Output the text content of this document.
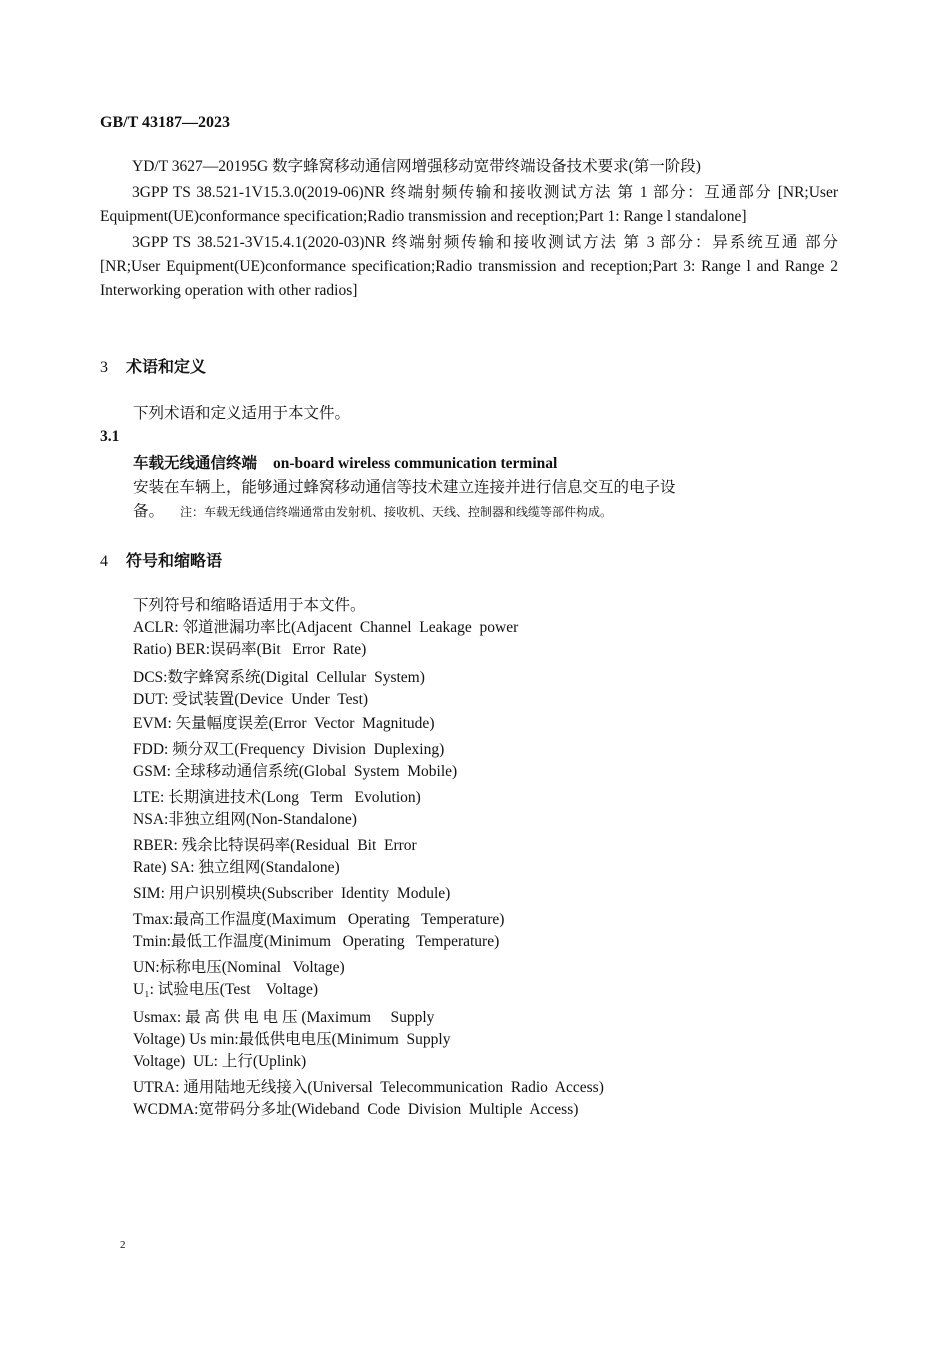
GB/T 43187—2023

YD/T 3627—20195G 数字蜂窝移动通信网增强移动宽带终端设备技术要求(第一阶段)

3GPP TS 38.521-1V15.3.0(2019-06)NR 终端射频传输和接收测试方法 第 1 部分：互通部分 [NR;User Equipment(UE)conformance specification;Radio transmission and reception;Part 1: Range l standalone]

3GPP TS 38.521-3V15.4.1(2020-03)NR 终端射频传输和接收测试方法 第 3 部分：异系统互通 部分[NR;User Equipment(UE)conformance specification;Radio transmission and reception;Part 3: Range l and Range 2 Interworking operation with other radios]

3 术语和定义
下列术语和定义适用于本文件。
3.1
车载无线通信终端 on-board wireless communication terminal
安装在车辆上，能够通过蜂窝移动通信等技术建立连接并进行信息交互的电子设
备。 注：车载无线通信终端通常由发射机、接收机、天线、控制器和线缆等部件构成。
4 符号和缩略语
下列符号和缩略语适用于本文件。
ACLR: 邻道泄漏功率比(Adjacent  Channel  Leakage  power
Ratio) BER:误码率(Bit   Error  Rate)
DCS:数字蜂窝系统(Digital  Cellular  System)
DUT: 受试装置(Device  Under  Test)
EVM: 矢量幅度误差(Error  Vector  Magnitude)
FDD: 频分双工(Frequency  Division  Duplexing)
GSM: 全球移动通信系统(Global  System  Mobile)
LTE: 长期演进技术(Long   Term   Evolution)
NSA:非独立组网(Non-Standalone)
RBER: 残余比特误码率(Residual  Bit  Error
Rate) SA: 独立组网(Standalone)
SIM: 用户识别模块(Subscriber  Identity  Module)
Tmax:最高工作温度(Maximum   Operating   Temperature)
Tmin:最低工作温度(Minimum   Operating   Temperature)
UN:标称电压(Nominal   Voltage)
U₁: 试验电压(Test    Voltage)
Usmax: 最 高 供 电 电 压 (Maximum     Supply
Voltage) Us min:最低供电电压(Minimum  Supply
Voltage)  UL: 上行(Uplink)
UTRA: 通用陆地无线接入(Universal  Telecommunication  Radio  Access)
WCDMA:宽带码分多址(Wideband  Code  Division  Multiple  Access)
2
